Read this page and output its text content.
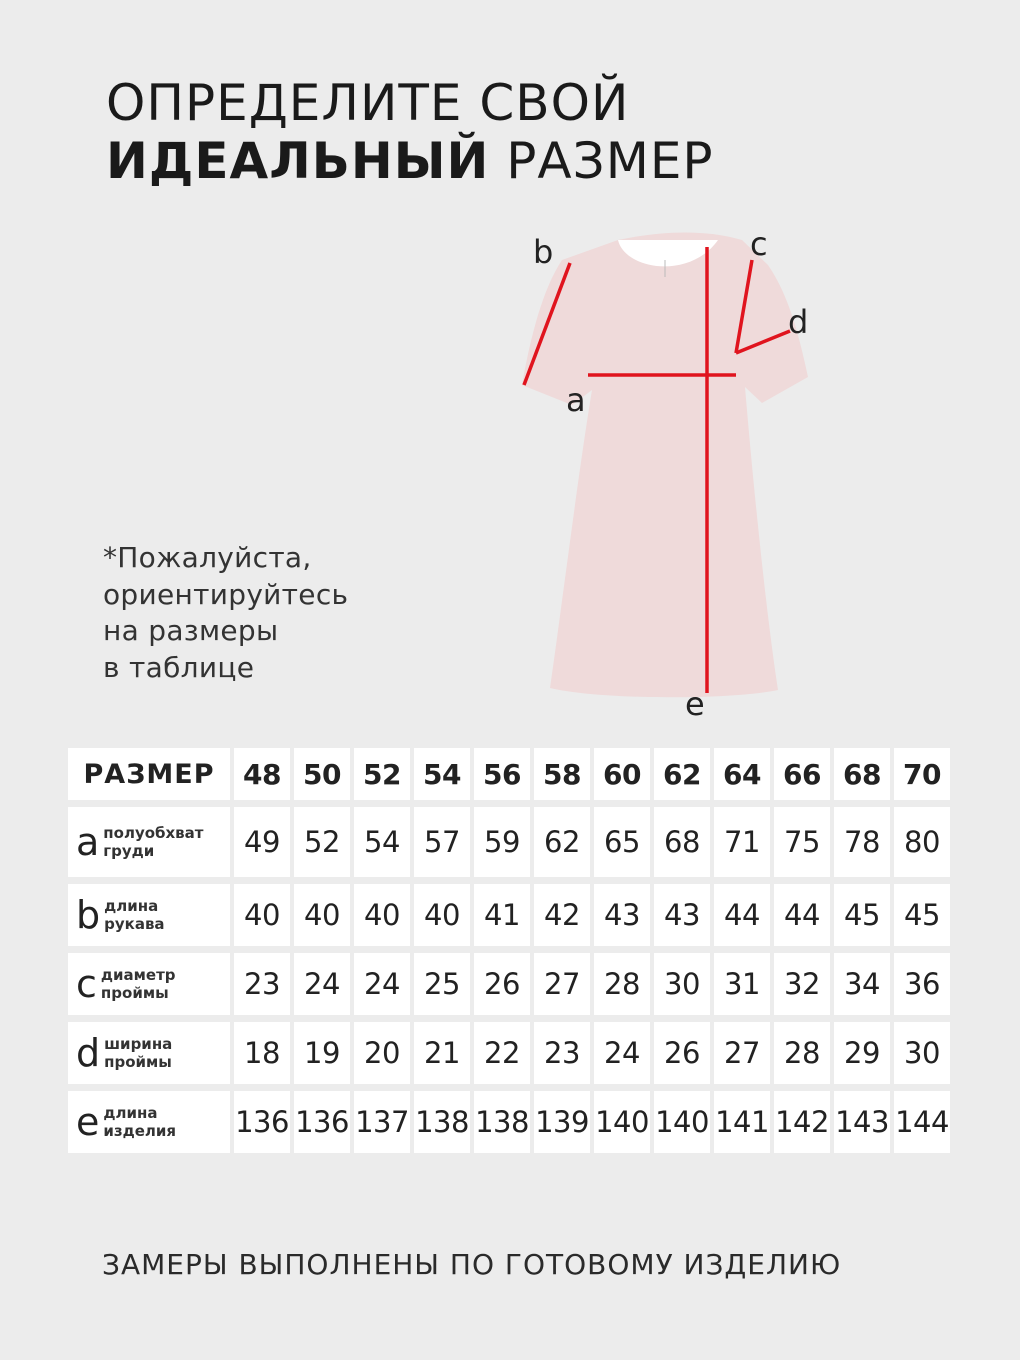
ОПРЕДЕЛИТЕ СВОЙ
ИДЕАЛЬНЫЙ РАЗМЕР
b	c
d
a
e
*Пожалуйста,
ориентируйтесь
на размеры
в таблице
РАЗМЕР	48	50	52	54	56	58	60	62	64	66	68	70

a полуобхват
груди	49	52	54	57	59	62	65	68	71	75	78	80

b длина
рукава	40	40	40	40	41	42	43	43	44	44	45	45

c диаметр
проймы	23	24	24	25	26	27	28	30	31	32	34	36

d ширина
проймы	18	19	20	21	22	23	24	26	27	28	29	30

e длина
изделия	136	136	137	138	138	139	140	140	141	142	143	144
ЗАМЕРЫ ВЫПОЛНЕНЫ ПО ГОТОВОМУ ИЗДЕЛИЮ
